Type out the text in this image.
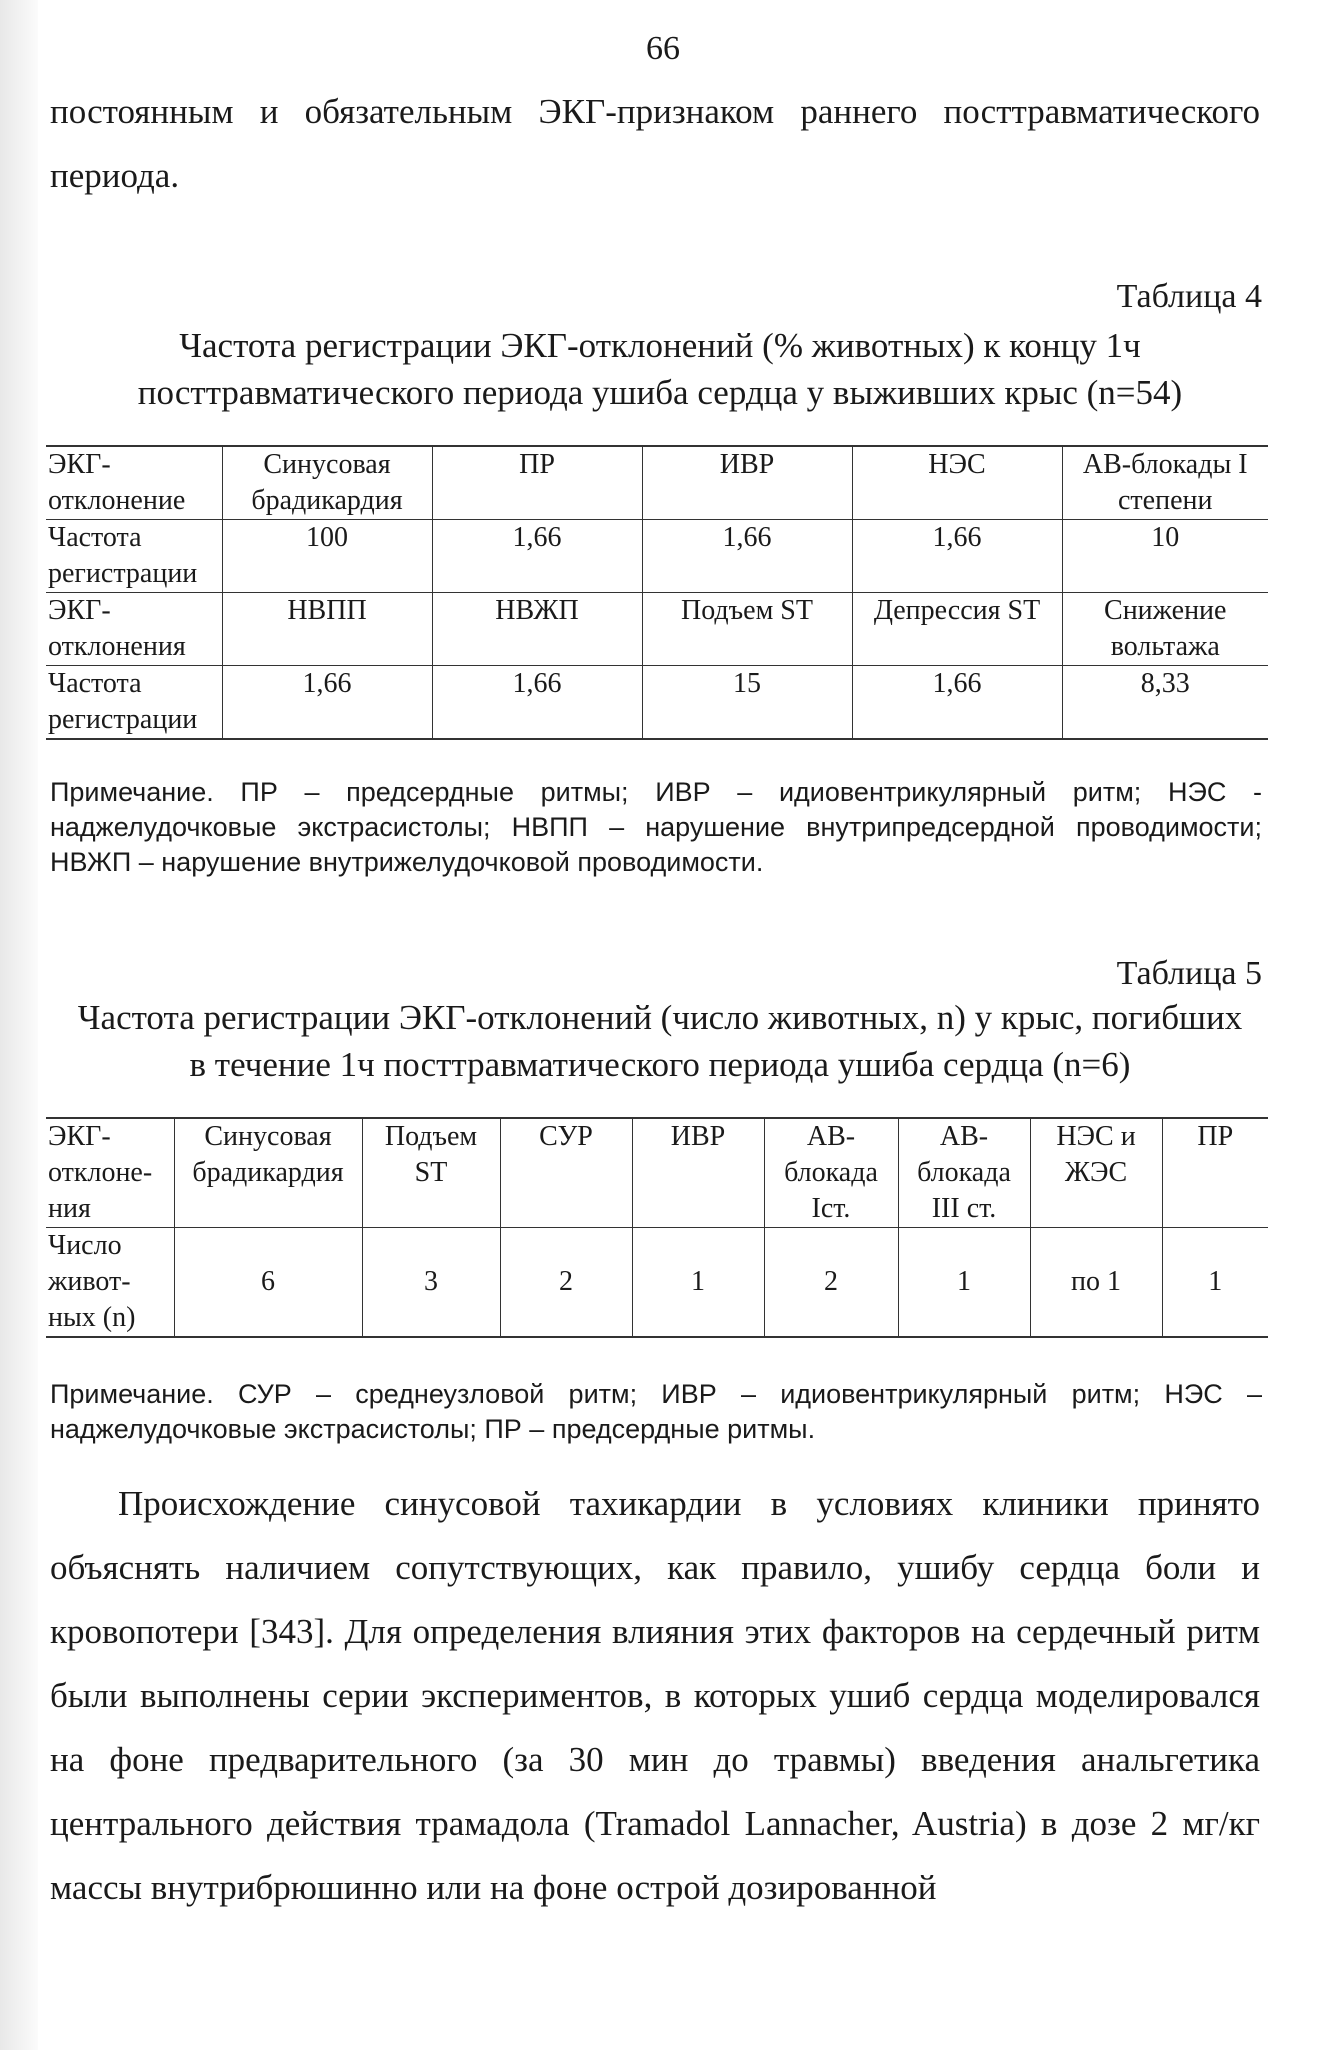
66
постоянным и обязательным ЭКГ-признаком раннего посттравматического
периода.
Таблица 4
Частота регистрации ЭКГ-отклонений (% животных) к концу 1ч
посттравматического периода ушиба сердца у выживших крыс (n=54)
ЭКГ-отклонение	Синусовая брадикардия	ПР	ИВР	НЭС	АВ-блокады I степени
Частота регистрации	100	1,66	1,66	1,66	10
ЭКГ-отклонения	НВПП	НВЖП	Подъем ST	Депрессия ST	Снижение вольтажа
Частота регистрации	1,66	1,66	15	1,66	8,33
Примечание. ПР – предсердные ритмы; ИВР – идиовентрикулярный ритм; НЭС - наджелудочковые экстрасистолы; НВПП – нарушение внутрипредсердной проводимости; НВЖП – нарушение внутрижелудочковой проводимости.
Таблица 5
Частота регистрации ЭКГ-отклонений (число животных, n) у крыс, погибших
в течение 1ч посттравматического периода ушиба сердца (n=6)
ЭКГ-отклоне-ния	Синусовая брадикардия	Подъем ST	СУР	ИВР	АВ-блокада Iст.	АВ-блокада III ст.	НЭС и ЖЭС	ПР
Число живот-ных (n)	6	3	2	1	2	1	по 1	1
Примечание. СУР – среднеузловой ритм; ИВР – идиовентрикулярный ритм; НЭС – наджелудочковые экстрасистолы; ПР – предсердные ритмы.
Происхождение синусовой тахикардии в условиях клиники принято объяснять наличием сопутствующих, как правило, ушибу сердца боли и кровопотери [343]. Для определения влияния этих факторов на сердечный ритм были выполнены серии экспериментов, в которых ушиб сердца моделировался на фоне предварительного (за 30 мин до травмы) введения анальгетика центрального действия трамадола (Tramadol Lannacher, Austria) в дозе 2 мг/кг массы внутрибрюшинно или на фоне острой дозированной
